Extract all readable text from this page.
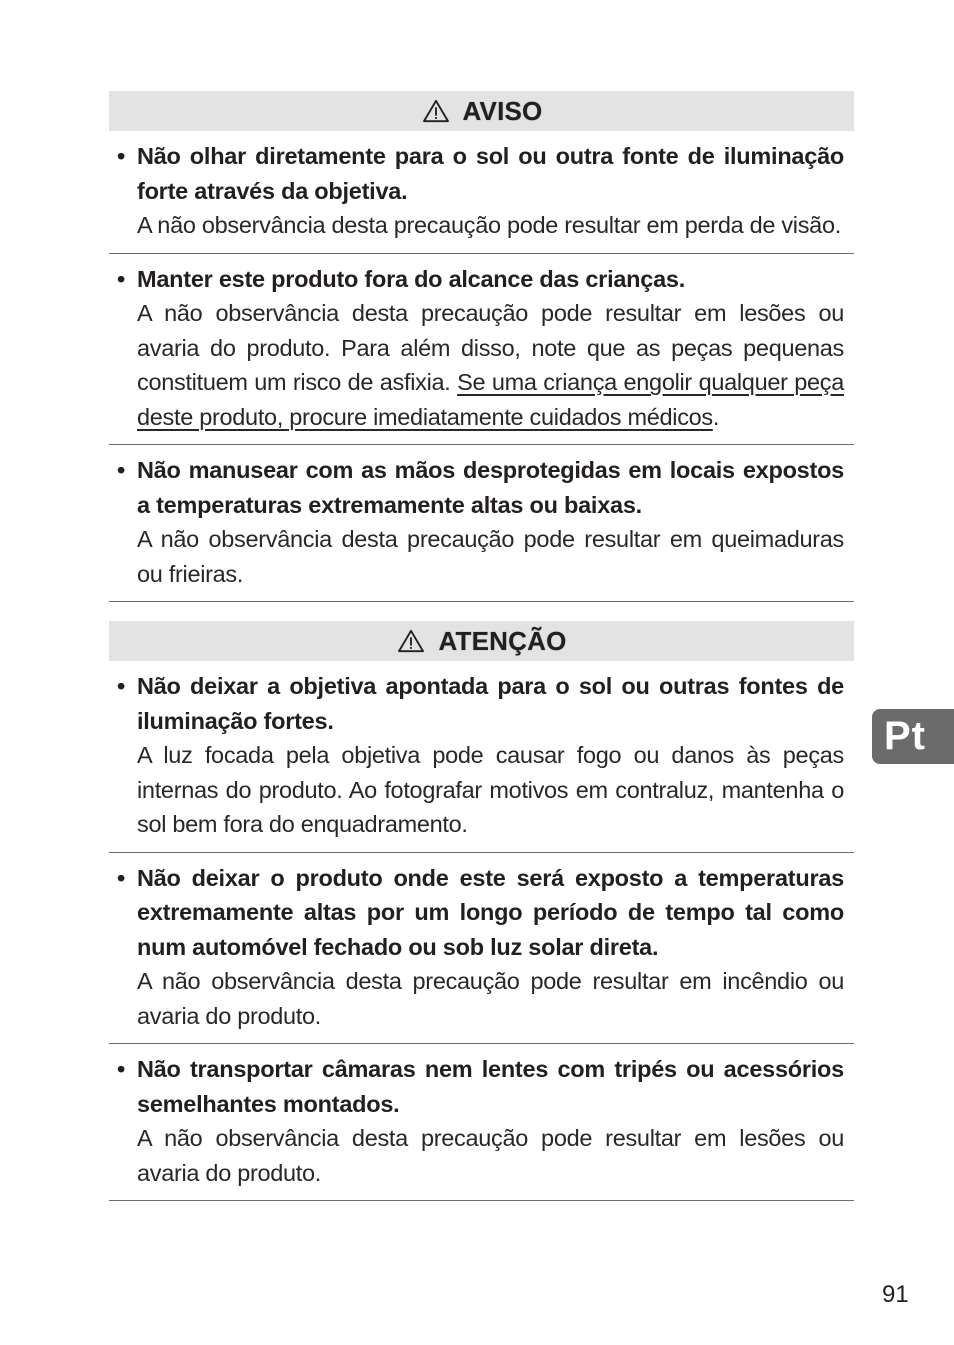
AVISO
• Não olhar diretamente para o sol ou outra fonte de iluminação forte através da objetiva.
A não observância desta precaução pode resultar em perda de visão.
• Manter este produto fora do alcance das crianças.
A não observância desta precaução pode resultar em lesões ou avaria do produto. Para além disso, note que as peças pequenas constituem um risco de asfixia. Se uma criança engolir qualquer peça deste produto, procure imediatamente cuidados médicos.
• Não manusear com as mãos desprotegidas em locais expostos a temperaturas extremamente altas ou baixas.
A não observância desta precaução pode resultar em queimaduras ou frieiras.
ATENÇÃO
• Não deixar a objetiva apontada para o sol ou outras fontes de iluminação fortes.
A luz focada pela objetiva pode causar fogo ou danos às peças internas do produto. Ao fotografar motivos em contraluz, mantenha o sol bem fora do enquadramento.
• Não deixar o produto onde este será exposto a temperaturas extremamente altas por um longo período de tempo tal como num automóvel fechado ou sob luz solar direta.
A não observância desta precaução pode resultar em incêndio ou avaria do produto.
• Não transportar câmaras nem lentes com tripés ou acessórios semelhantes montados.
A não observância desta precaução pode resultar em lesões ou avaria do produto.
Pt
91
